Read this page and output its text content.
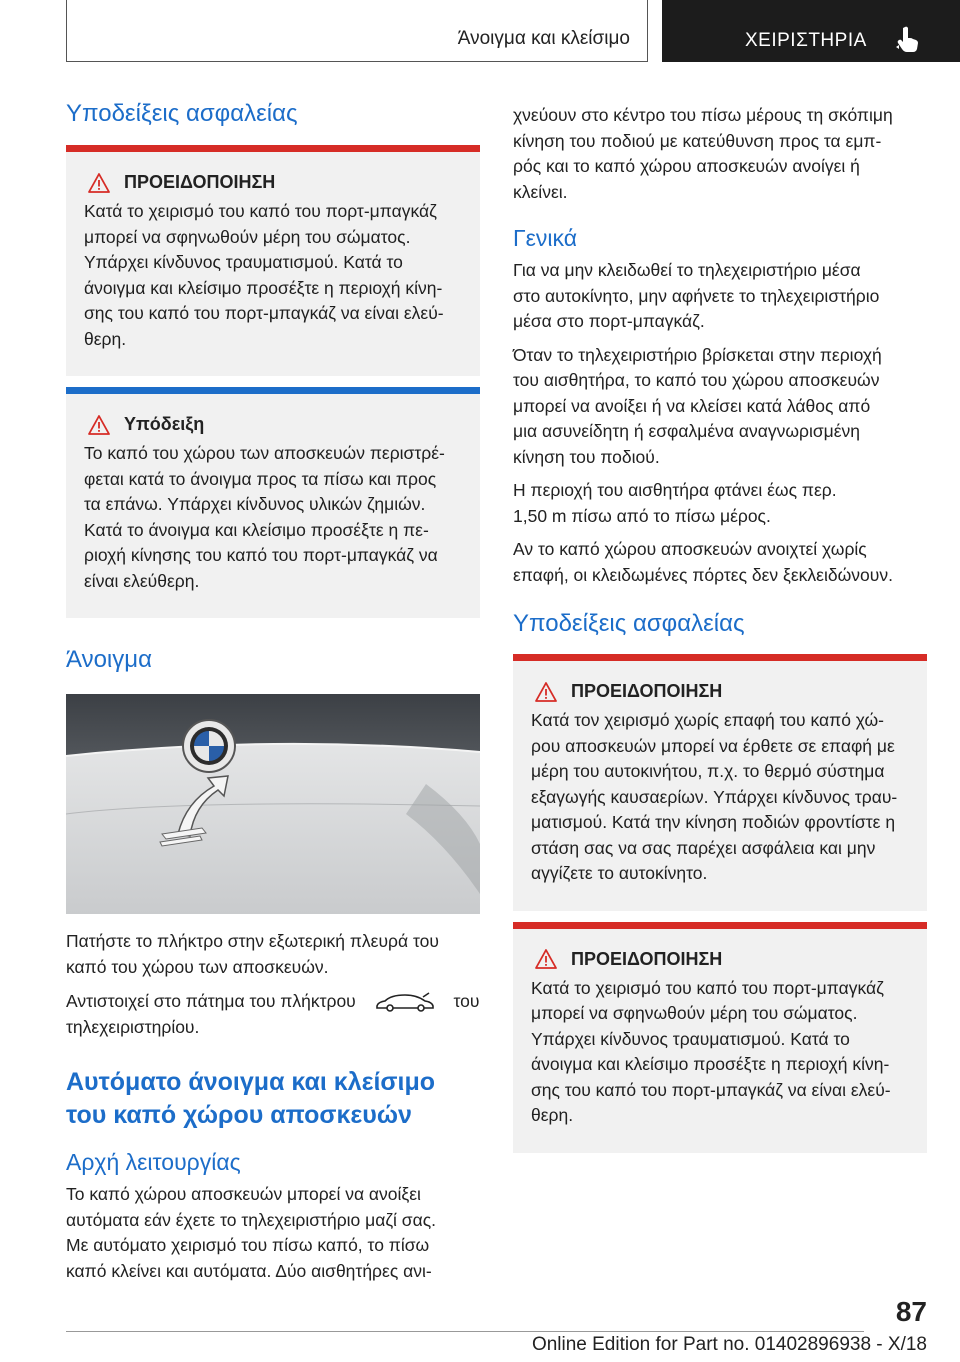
Άνοιγμα και κλείσιμο	ΧΕΙΡΙΣΤΗΡΙΑ
Υποδείξεις ασφαλείας
ΠΡΟΕΙΔΟΠΟΙΗΣΗ

Κατά το χειρισμό του καπό του πορτ-μπαγκάζ

μπορεί να σφηνωθούν μέρη του σώματος.

Υπάρχει κίνδυνος τραυματισμού. Κατά το

άνοιγμα και κλείσιμο προσέξτε η περιοχή κίνη-

σης του καπό του πορτ-μπαγκάζ να είναι ελεύ-

θερη.

Υπόδειξη

Το καπό του χώρου των αποσκευών περιστρέ-

φεται κατά το άνοιγμα προς τα πίσω και προς

τα επάνω. Υπάρχει κίνδυνος υλικών ζημιών.

Κατά το άνοιγμα και κλείσιμο προσέξτε η πε-

ριοχή κίνησης του καπό του πορτ-μπαγκάζ να

είναι ελεύθερη.

Άνοιγμα

Πατήστε το πλήκτρο στην εξωτερική πλευρά του

καπό του χώρου των αποσκευών.

Αντιστοιχεί στο πάτημα του πλήκτρου	του

τηλεχειριστηρίου.

Αυτόματο άνοιγμα και κλείσιμο
του καπό χώρου αποσκευών
Αρχή λειτουργίας

Το καπό χώρου αποσκευών μπορεί να ανοίξει

αυτόματα εάν έχετε το τηλεχειριστήριο μαζί σας.

Με αυτόματο χειρισμό του πίσω καπό, το πίσω

καπό κλείνει και αυτόματα. Δύο αισθητήρες ανι-

χνεύουν στο κέντρο του πίσω μέρους τη σκόπιμη

κίνηση του ποδιού με κατεύθυνση προς τα εμπ-

ρός και το καπό χώρου αποσκευών ανοίγει ή

κλείνει.

Γενικά

Για να μην κλειδωθεί το τηλεχειριστήριο μέσα

στο αυτοκίνητο, μην αφήνετε το τηλεχειριστήριο

μέσα στο πορτ-μπαγκάζ.

Όταν το τηλεχειριστήριο βρίσκεται στην περιοχή

του αισθητήρα, το καπό του χώρου αποσκευών

μπορεί να ανοίξει ή να κλείσει κατά λάθος από

μια ασυνείδητη ή εσφαλμένα αναγνωρισμένη

κίνηση του ποδιού.

Η περιοχή του αισθητήρα φτάνει έως περ.

1,50 m πίσω από το πίσω μέρος.

Αν το καπό χώρου αποσκευών ανοιχτεί χωρίς

επαφή, οι κλειδωμένες πόρτες δεν ξεκλειδώνουν.

Υποδείξεις ασφαλείας
ΠΡΟΕΙΔΟΠΟΙΗΣΗ

Κατά τον χειρισμό χωρίς επαφή του καπό χώ-

ρου αποσκευών μπορεί να έρθετε σε επαφή με

μέρη του αυτοκινήτου, π.χ. το θερμό σύστημα

εξαγωγής καυσαερίων. Υπάρχει κίνδυνος τραυ-

ματισμού. Κατά την κίνηση ποδιών φροντίστε η

στάση σας να σας παρέχει ασφάλεια και μην

αγγίζετε το αυτοκίνητο.

ΠΡΟΕΙΔΟΠΟΙΗΣΗ

Κατά το χειρισμό του καπό του πορτ-μπαγκάζ

μπορεί να σφηνωθούν μέρη του σώματος.

Υπάρχει κίνδυνος τραυματισμού. Κατά το

άνοιγμα και κλείσιμο προσέξτε η περιοχή κίνη-

σης του καπό του πορτ-μπαγκάζ να είναι ελεύ-

θερη.

87
Online Edition for Part no. 01402896938 - X/18
